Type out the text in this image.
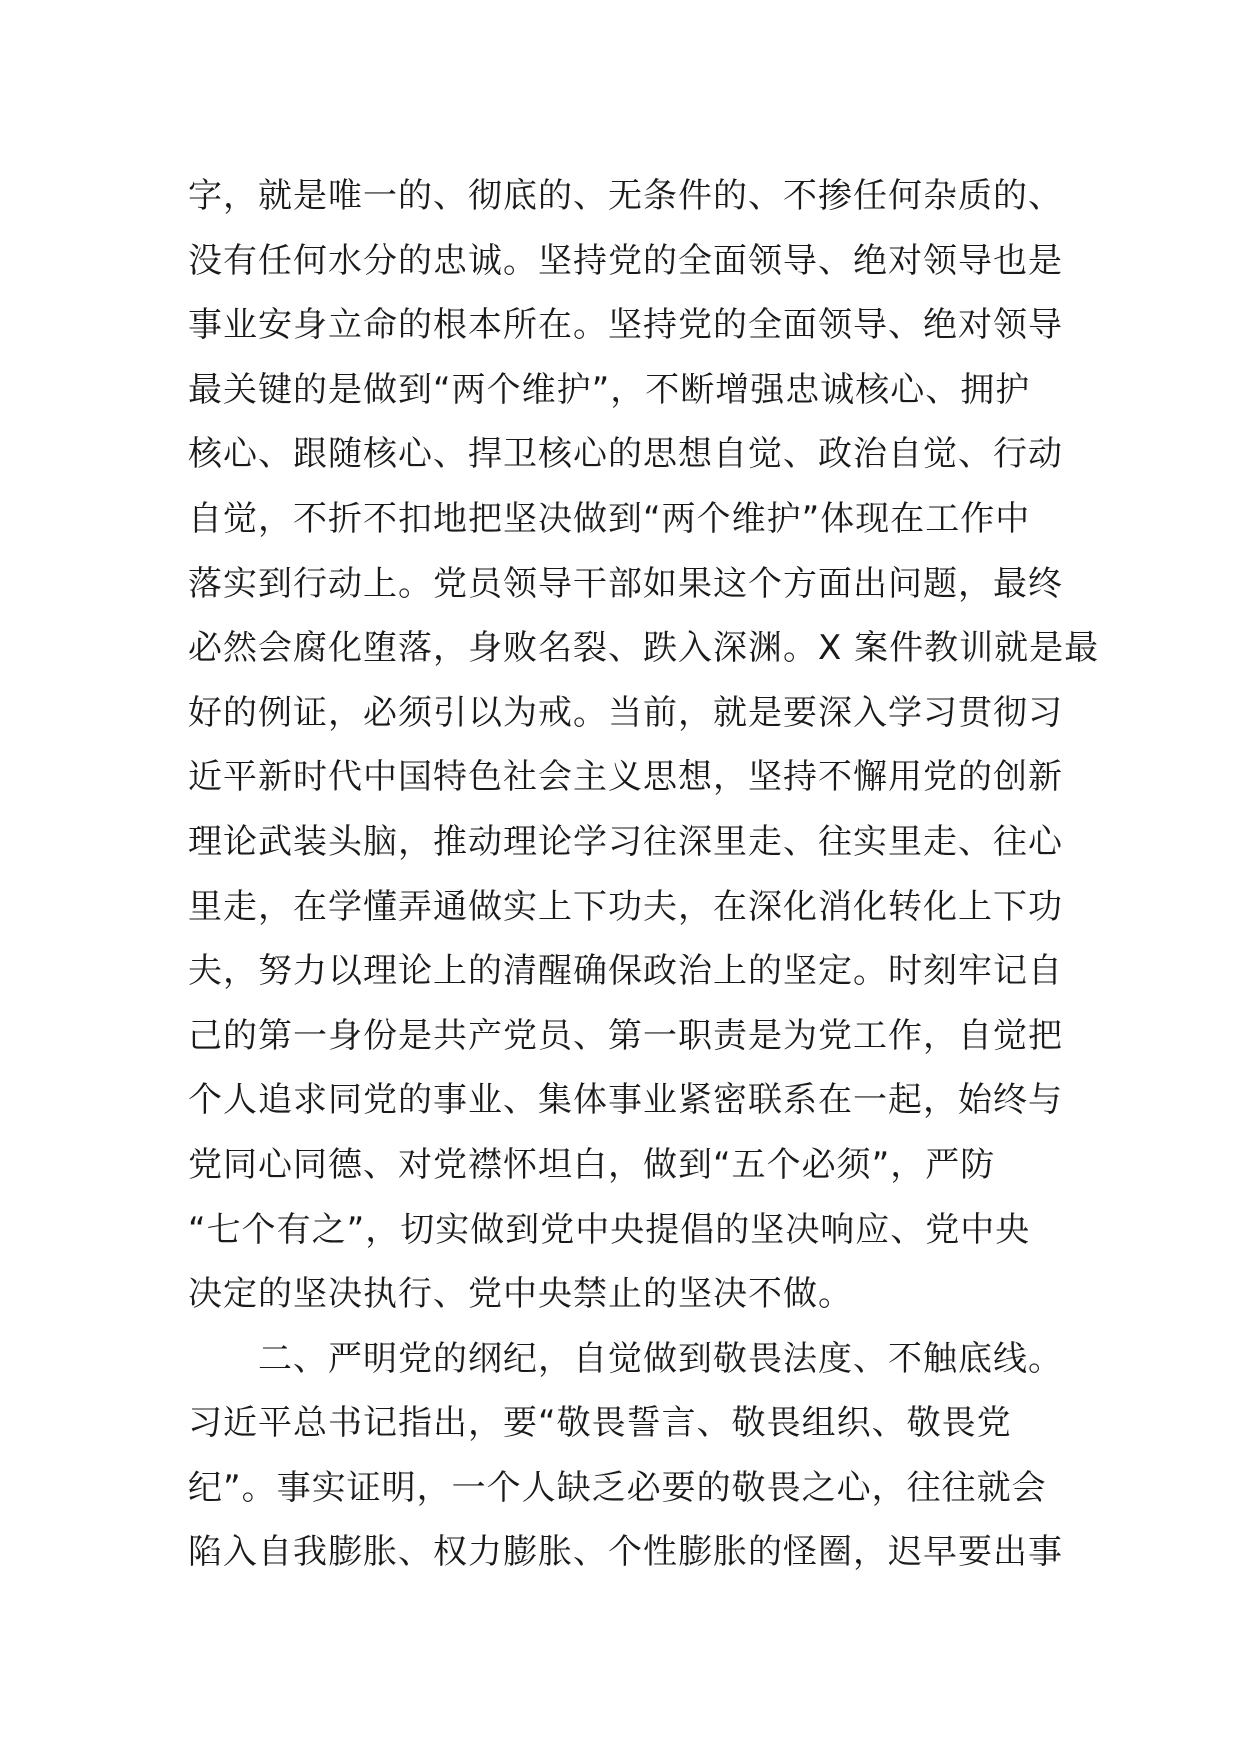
字，就是唯一的、彻底的、无条件的、不掺任何杂质的、
没有任何水分的忠诚。坚持党的全面领导、绝对领导也是
事业安身立命的根本所在。坚持党的全面领导、绝对领导
最关键的是做到“两个维护”，不断增强忠诚核心、拥护
核心、跟随核心、捍卫核心的思想自觉、政治自觉、行动
自觉，不折不扣地把坚决做到“两个维护”体现在工作中
落实到行动上。党员领导干部如果这个方面出问题，最终
必然会腐化堕落，身败名裂、跌入深渊。X 案件教训就是最
好的例证，必须引以为戒。当前，就是要深入学习贯彻习
近平新时代中国特色社会主义思想，坚持不懈用党的创新
理论武装头脑，推动理论学习往深里走、往实里走、往心
里走，在学懂弄通做实上下功夫，在深化消化转化上下功
夫，努力以理论上的清醒确保政治上的坚定。时刻牢记自
己的第一身份是共产党员、第一职责是为党工作，自觉把
个人追求同党的事业、集体事业紧密联系在一起，始终与
党同心同德、对党襟怀坦白，做到“五个必须”，严防
“七个有之”，切实做到党中央提倡的坚决响应、党中央
决定的坚决执行、党中央禁止的坚决不做。
二、严明党的纲纪，自觉做到敬畏法度、不触底线。
习近平总书记指出，要“敬畏誓言、敬畏组织、敬畏党
纪”。事实证明，一个人缺乏必要的敬畏之心，往往就会
陷入自我膨胀、权力膨胀、个性膨胀的怪圈，迟早要出事
